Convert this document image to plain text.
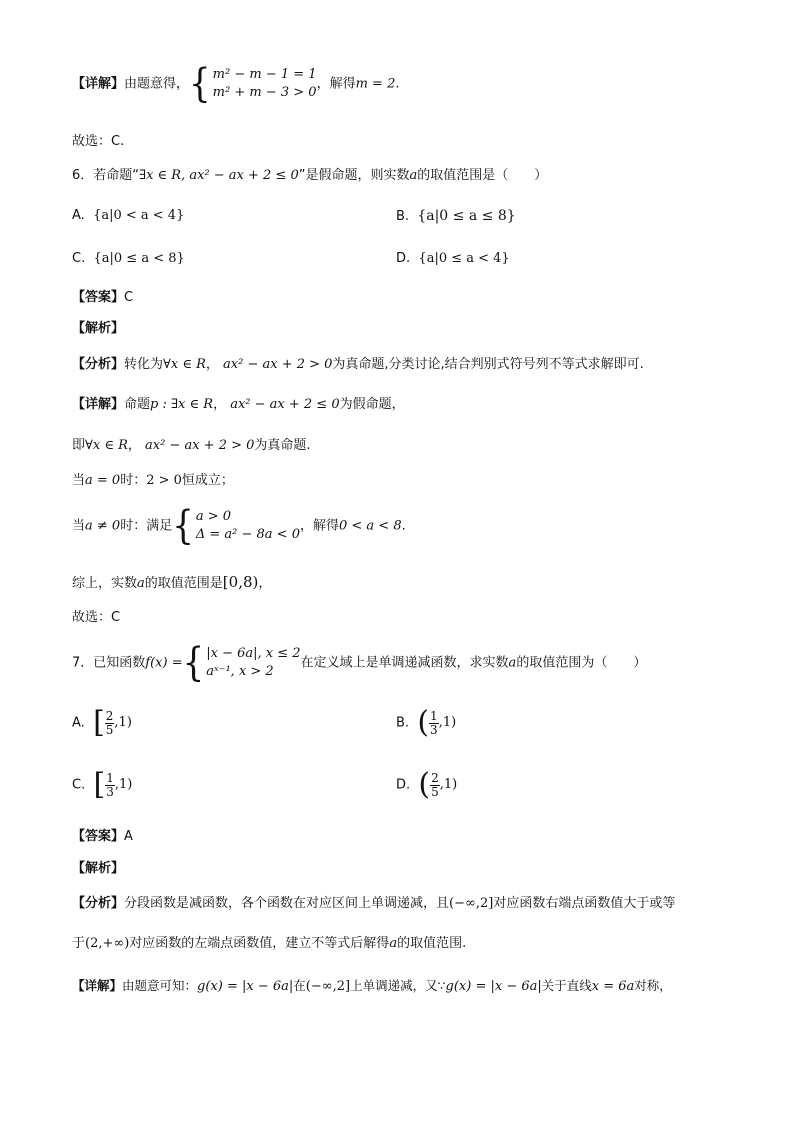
【详解】由题意得， { m² − m − 1 = 1
m² + m − 3 > 0
，解得m = 2.
故选：C.
6．若命题“∃x ∈ R, ax² − ax + 2 ≤ 0”是假命题，则实数a的取值范围是（　　）
A. {a|0 < a < 4}	B. {a|0 ≤ a ≤ 8}
C. {a|0 ≤ a < 8}	D. {a|0 ≤ a < 4}
【答案】C
【解析】
【分析】转化为∀x ∈ R， ax² − ax + 2 > 0为真命题,分类讨论,结合判别式符号列不等式求解即可.
【详解】命题p : ∃x ∈ R， ax² − ax + 2 ≤ 0为假命题，
即∀x ∈ R， ax² − ax + 2 > 0为真命题.
当a = 0时：2 > 0恒成立；
当a ≠ 0时：满足 { a > 0
Δ = a² − 8a < 0
，解得0 < a < 8.
综上，实数a的取值范围是[0,8)，
故选：C
7．已知函数f(x) = { |x − 6a|, x ≤ 2
aˣ⁻¹, x > 2
在定义域上是单调递减函数，求实数a的取值范围为（　　）
A. [ $\frac{2}{5} ,1$)	B. ( $\frac{1}{3} ,1$)
C. [ $\frac{1}{3} ,1$)	D. ( $\frac{2}{5} ,1$)
【答案】A
【解析】
【分析】分段函数是减函数，各个函数在对应区间上单调递减，且(−∞,2]对应函数右端点函数值大于或等
于(2,+∞)对应函数的左端点函数值，建立不等式后解得a的取值范围.
【详解】由题意可知：g(x) = |x − 6a|在(−∞,2]上单调递减，又∵g(x) = |x − 6a|关于直线x = 6a对称，
